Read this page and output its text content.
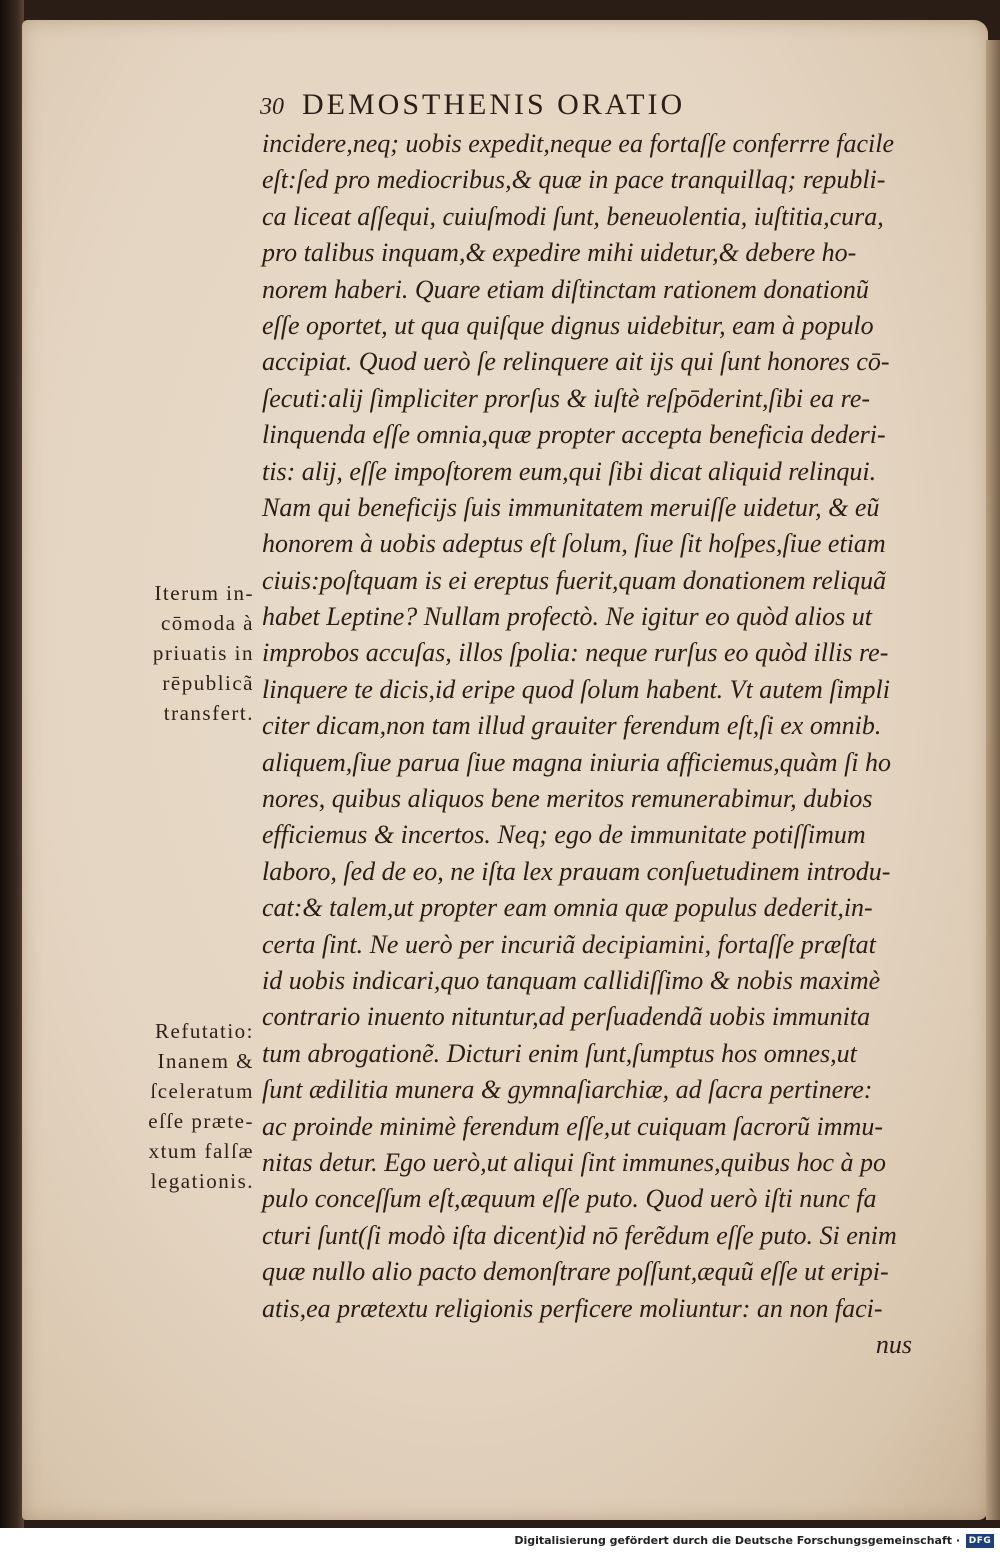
30 DEMOSTHENIS ORATIO
incidere,neq; uobis expedit,neque ea fortaſſe conferrre facile
eſt:ſed pro mediocribus,& quæ in pace tranquillaq; republi-
ca liceat aſſequi, cuiuſmodi ſunt, beneuolentia, iuſtitia,cura,
pro talibus inquam,& expedire mihi uidetur,& debere ho-
norem haberi. Quare etiam diſtinctam rationem donationũ
eſſe oportet, ut qua quiſque dignus uidebitur, eam à populo
accipiat. Quod uerò ſe relinquere ait ijs qui ſunt honores cō-
ſecuti:alij ſimpliciter prorſus & iuſtè reſpōderint,ſibi ea re-
linquenda eſſe omnia,quæ propter accepta beneficia dederi-
tis: alij, eſſe impoſtorem eum,qui ſibi dicat aliquid relinqui.
Nam qui beneficijs ſuis immunitatem meruiſſe uidetur, & eũ
honorem à uobis adeptus eſt ſolum, ſiue ſit hoſpes,ſiue etiam
ciuis:poſtquam is ei ereptus fuerit,quam donationem reliquã
habet Leptine? Nullam profectò. Ne igitur eo quòd alios ut
improbos accuſas, illos ſpolia: neque rurſus eo quòd illis re-
linquere te dicis,id eripe quod ſolum habent. Vt autem ſimpli
citer dicam,non tam illud grauiter ferendum eſt,ſi ex omnib.
aliquem,ſiue parua ſiue magna iniuria afficiemus,quàm ſi ho
nores, quibus aliquos bene meritos remunerabimur, dubios
efficiemus & incertos. Neq; ego de immunitate potiſſimum
laboro, ſed de eo, ne iſta lex prauam conſuetudinem introdu-
cat:& talem,ut propter eam omnia quæ populus dederit,in-
certa ſint. Ne uerò per incuriã decipiamini, fortaſſe præſtat
id uobis indicari,quo tanquam callidiſſimo & nobis maximè
contrario inuento nituntur,ad perſuadendã uobis immunita
tum abrogationẽ. Dicturi enim ſunt,ſumptus hos omnes,ut
ſunt ædilitia munera & gymnaſiarchiæ, ad ſacra pertinere:
ac proinde minimè ferendum eſſe,ut cuiquam ſacrorũ immu-
nitas detur. Ego uerò,ut aliqui ſint immunes,quibus hoc à po
pulo conceſſum eſt,æquum eſſe puto. Quod uerò iſti nunc fa
cturi ſunt(ſi modò iſta dicent)id nō ferẽdum eſſe puto. Si enim
quæ nullo alio pacto demonſtrare poſſunt,æquũ eſſe ut eripi-
atis,ea prætextu religionis perficere moliuntur: an non faci-
nus
Iterum in-
cōmoda à
priuatis in
rēpublicã
transfert.
Refutatio:
Inanem &
ſceleratum
eſſe præte-
xtum falſæ
legationis.
Digitalisierung gefördert durch die Deutsche Forschungsgemeinschaft · DFG
